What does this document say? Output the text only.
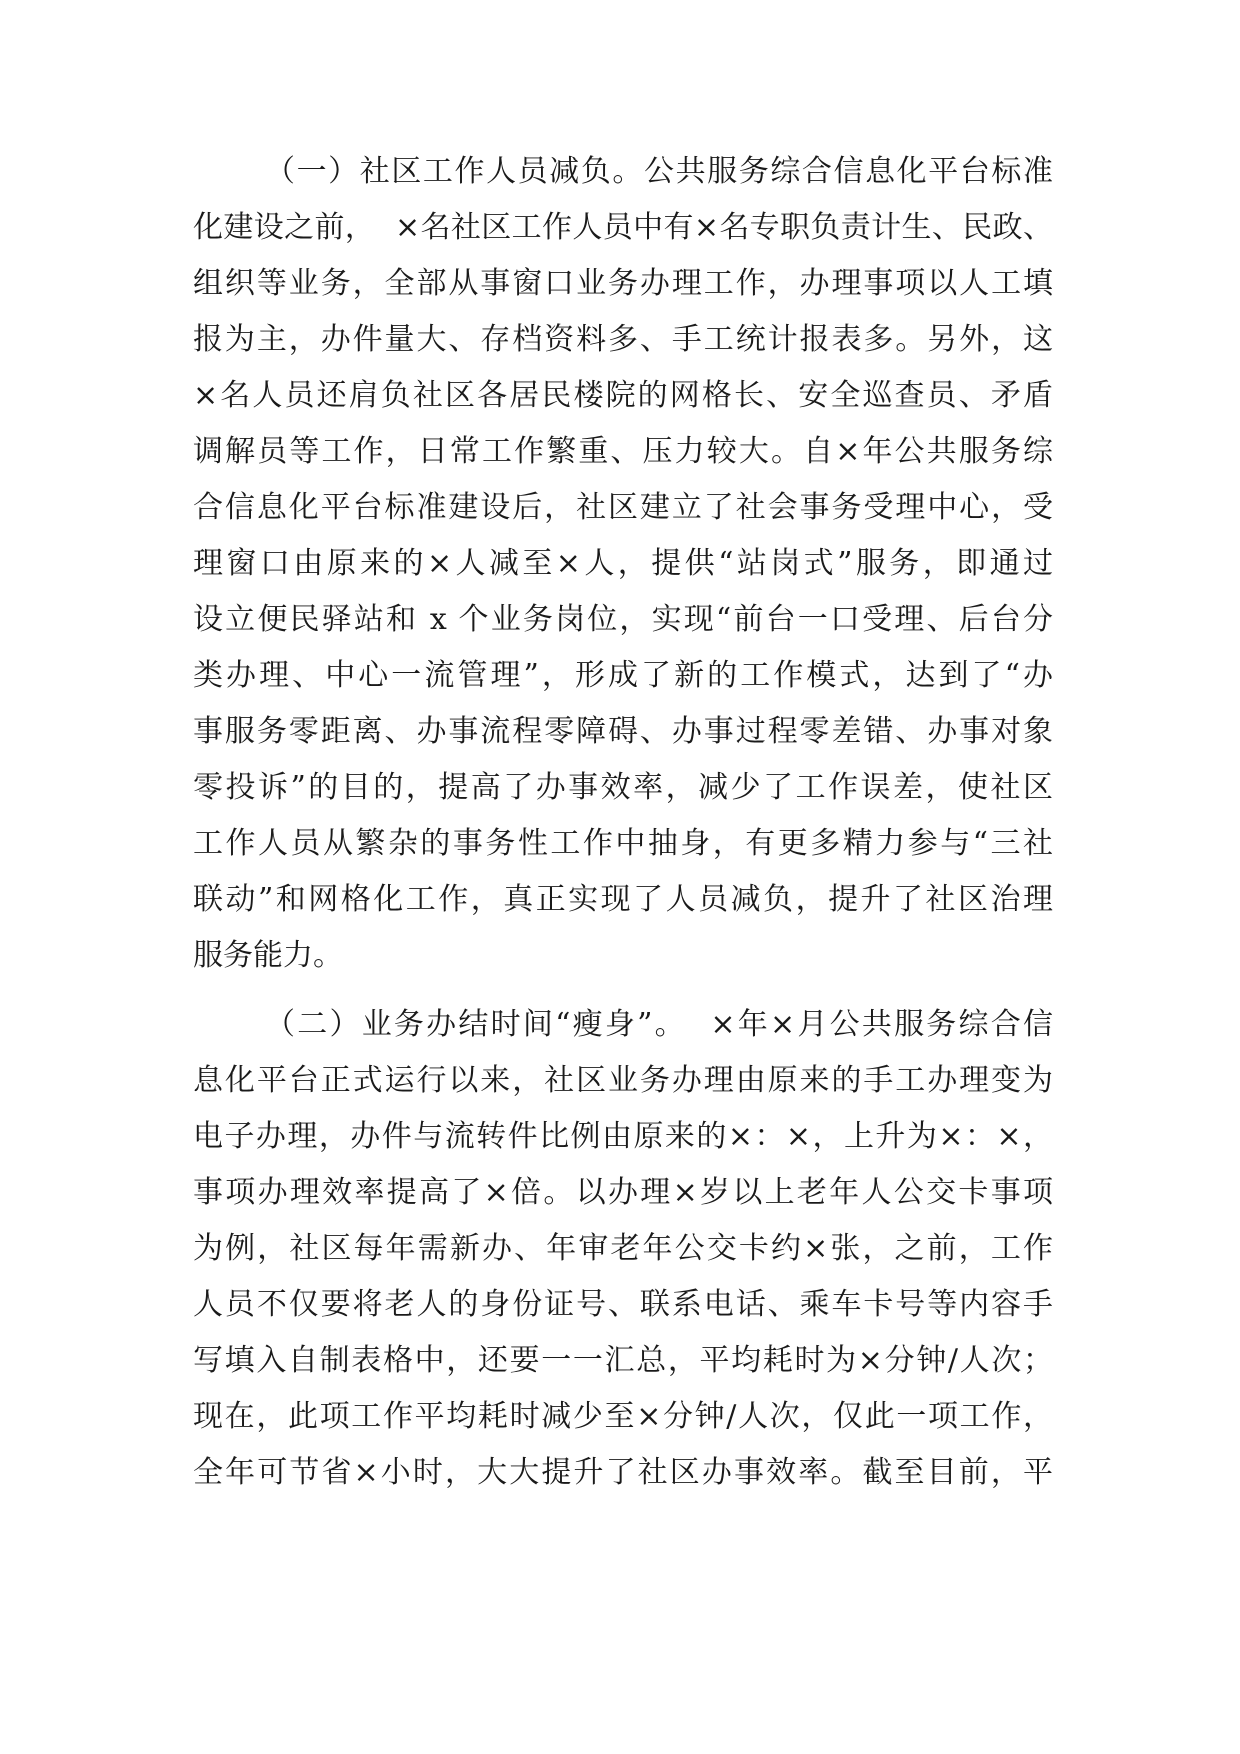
（一）社区工作人员减负。公共服务综合信息化平台标准
化建设之前，  ×名社区工作人员中有×名专职负责计生、民政、
组织等业务，全部从事窗口业务办理工作，办理事项以人工填
报为主，办件量大、存档资料多、手工统计报表多。另外，这
×名人员还肩负社区各居民楼院的网格长、安全巡查员、矛盾
调解员等工作，日常工作繁重、压力较大。自×年公共服务综
合信息化平台标准建设后，社区建立了社会事务受理中心，受
理窗口由原来的×人减至×人，提供“站岗式”服务，即通过
设立便民驿站和 x 个业务岗位，实现“前台一口受理、后台分
类办理、中心一流管理”，形成了新的工作模式，达到了“办
事服务零距离、办事流程零障碍、办事过程零差错、办事对象
零投诉”的目的，提高了办事效率，减少了工作误差，使社区
工作人员从繁杂的事务性工作中抽身，有更多精力参与“三社
联动”和网格化工作，真正实现了人员减负，提升了社区治理
服务能力。
（二）业务办结时间“瘦身”。  ×年×月公共服务综合信
息化平台正式运行以来，社区业务办理由原来的手工办理变为
电子办理，办件与流转件比例由原来的×：×，上升为×：×，
事项办理效率提高了×倍。以办理×岁以上老年人公交卡事项
为例，社区每年需新办、年审老年公交卡约×张，之前，工作
人员不仅要将老人的身份证号、联系电话、乘车卡号等内容手
写填入自制表格中，还要一一汇总，平均耗时为×分钟/人次；
现在，此项工作平均耗时减少至×分钟/人次，仅此一项工作，
全年可节省×小时，大大提升了社区办事效率。截至目前，平
